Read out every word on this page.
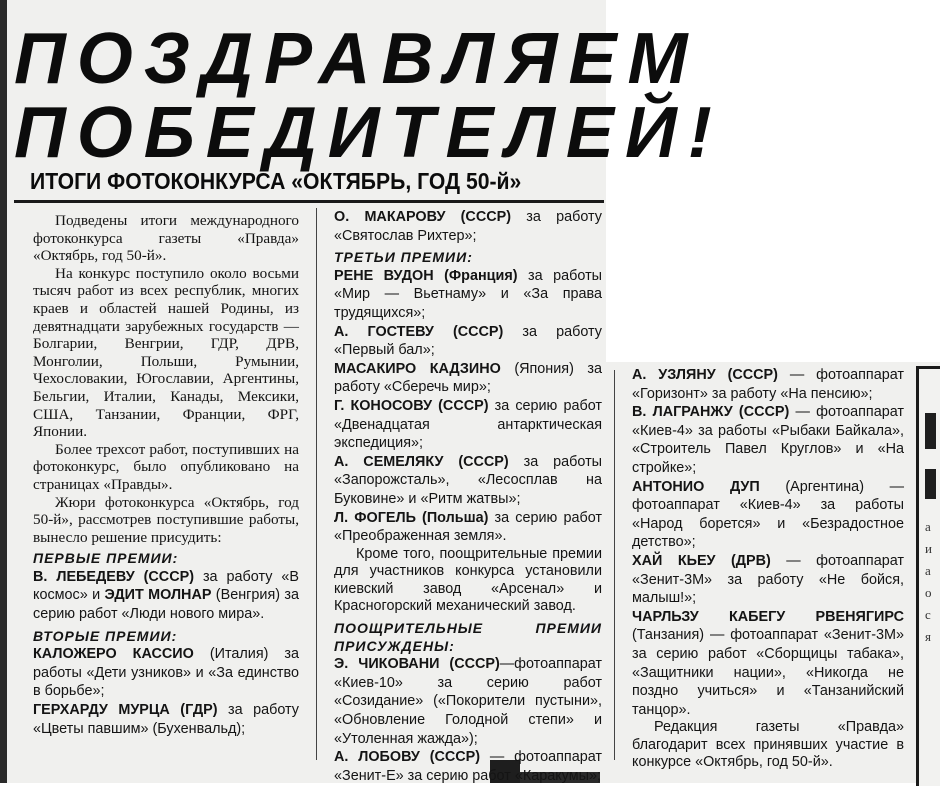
а
и
а
о
с
я
ПОЗДРАВЛЯЕМ
ПОБЕДИТЕЛЕЙ!
ИТОГИ ФОТОКОНКУРСА «ОКТЯБРЬ, ГОД 50-й»

Подведены итоги международного фотоконкурса газеты «Правда» «Октябрь, год 50-й».

На конкурс поступило около восьми тысяч работ из всех республик, многих краев и областей нашей Родины, из девятнадцати зарубежных государств — Болгарии, Венгрии, ГДР, ДРВ, Монголии, Польши, Румынии, Чехословакии, Югославии, Аргентины, Бельгии, Италии, Канады, Мексики, США, Танзании, Франции, ФРГ, Японии.

Более трехсот работ, поступивших на фотоконкурс, было опубликовано на страницах «Правды».

Жюри фотоконкурса «Октябрь, год 50-й», рассмотрев поступившие работы, вынесло решение присудить:

ПЕРВЫЕ ПРЕМИИ:

В. ЛЕБЕДЕВУ (СССР) за работу «В космос» и ЭДИТ МОЛНАР (Венгрия) за серию работ «Люди нового мира».

ВТОРЫЕ ПРЕМИИ:

КАЛОЖЕРО КАССИО (Италия) за работы «Дети узников» и «За единство в борьбе»;

ГЕРХАРДУ МУРЦА (ГДР) за работу «Цветы павшим» (Бухенвальд);

О. МАКАРОВУ (СССР) за работу «Святослав Рихтер»;

ТРЕТЬИ ПРЕМИИ:

РЕНЕ ВУДОН (Франция) за работы «Мир — Вьетнаму» и «За права трудящихся»;

А. ГОСТЕВУ (СССР) за работу «Первый бал»;

МАСАКИРО КАДЗИНО (Япония) за работу «Сберечь мир»;

Г. КОНОСОВУ (СССР) за серию работ «Двенадцатая антарктическая экспедиция»;

А. СЕМЕЛЯКУ (СССР) за работы «Запорожсталь», «Лесосплав на Буковине» и «Ритм жатвы»;

Л. ФОГЕЛЬ (Польша) за серию работ «Преображенная земля».

Кроме того, поощрительные премии для участников конкурса установили киевский завод «Арсенал» и Красногорский механический завод.

ПООЩРИТЕЛЬНЫЕ ПРЕМИИ ПРИСУЖДЕНЫ:

Э. ЧИКОВАНИ (СССР)—фотоаппарат «Киев-10» за серию работ «Созидание» («Покорители пустыни», «Обновление Голодной степи» и «Утоленная жажда»);

А. ЛОБОВУ (СССР) — фотоаппарат «Зенит-Е» за серию работ «Каракумы»;

А. УЗЛЯНУ (СССР) — фотоаппарат «Горизонт» за работу «На пенсию»;

В. ЛАГРАНЖУ (СССР) — фотоаппарат «Киев-4» за работы «Рыбаки Байкала», «Строитель Павел Круглов» и «На стройке»;

АНТОНИО ДУП (Аргентина) — фотоаппарат «Киев-4» за работы «Народ борется» и «Безрадостное детство»;

ХАЙ КЬЕУ (ДРВ) — фотоаппарат «Зенит-3М» за работу «Не бойся, малыш!»;

ЧАРЛЬЗУ КАБЕГУ РВЕНЯГИРС (Танзания) — фотоаппарат «Зенит-3М» за серию работ «Сборщицы табака», «Защитники нации», «Никогда не поздно учиться» и «Танзанийский танцор».

Редакция газеты «Правда» благодарит всех принявших участие в конкурсе «Октябрь, год 50-й».
